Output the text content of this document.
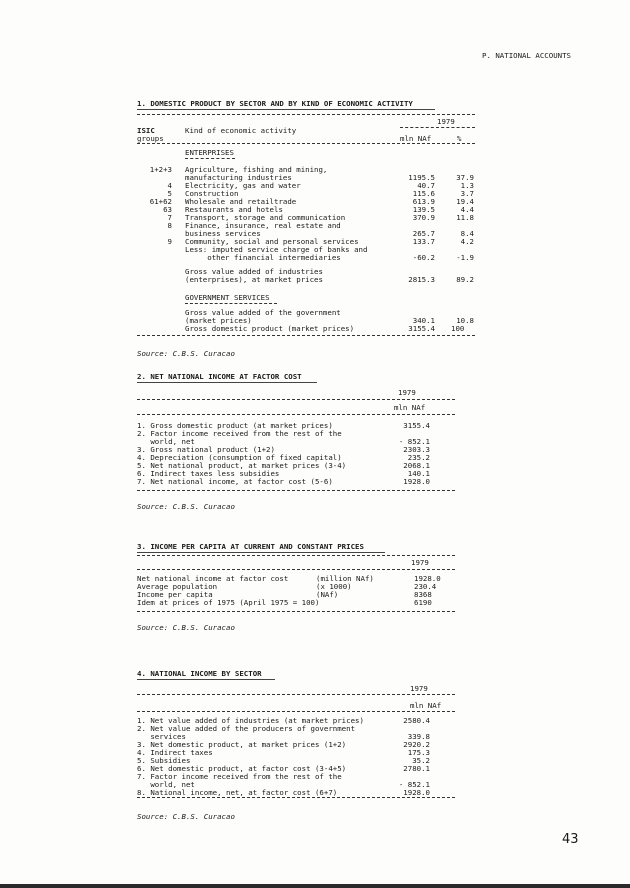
P. NATIONAL ACCOUNTS
1. DOMESTIC PRODUCT BY SECTOR AND BY KIND OF ECONOMIC ACTIVITY
1979
ISIC	Kind of economic activity
groups	mln NAf	%
ENTERPRISES
1+2+3 Agriculture, fishing and mining,
manufacturing industries	1195.5	37.9
4 Electricity, gas and water	40.7	1.3
5 Construction	115.6	3.7
61+62 Wholesale and retailtrade	613.9	19.4
63 Restaurants and hotels	139.5	4.4
7 Transport, storage and communication	370.9	11.8
8 Finance, insurance, real estate and
business services	265.7	8.4
9 Community, social and personal services	133.7	4.2
Less: imputed service charge of banks and
other financial intermediaries	-60.2	-1.9
Gross value added of industries
(enterprises), at market prices	2815.3	89.2
GOVERNMENT SERVICES
Gross value added of the government
(market prices)	340.1	10.8
Gross domestic product (market prices)	3155.4 100
Source: C.B.S. Curacao
2. NET NATIONAL INCOME AT FACTOR COST
1979
mln NAf
1. Gross domestic product (at market prices)	3155.4
2. Factor income received from the rest of the
world, net	- 852.1
3. Gross national product (1+2)	2303.3
4. Depreciation (consumption of fixed capital)	235.2
5. Net national product, at market prices (3-4)	2068.1
6. Indirect taxes less subsidies	140.1
7. Net national income, at factor cost (5-6)	1928.0
Source: C.B.S. Curacao
3. INCOME PER CAPITA AT CURRENT AND CONSTANT PRICES
1979
Net national income at factor cost	(million NAf)	1928.0
Average population	(x 1000)	230.4
Income per capita	(NAf)	8368
Idem at prices of 1975 (April 1975 = 100)	6190
Source: C.B.S. Curacao
4. NATIONAL INCOME BY SECTOR
1979
mln NAf
1. Net value added of industries (at market prices)	2580.4
2. Net value added of the producers of government
services	339.8
3. Net domestic product, at market prices (1+2)	2920.2
4. Indirect taxes	175.3
5. Subsidies	35.2
6. Net domestic product, at factor cost (3-4+5)	2780.1
7. Factor income received from the rest of the
world, net	- 852.1
8. National income, net, at factor cost (6+7)	1928.0
Source: C.B.S. Curacao
43
